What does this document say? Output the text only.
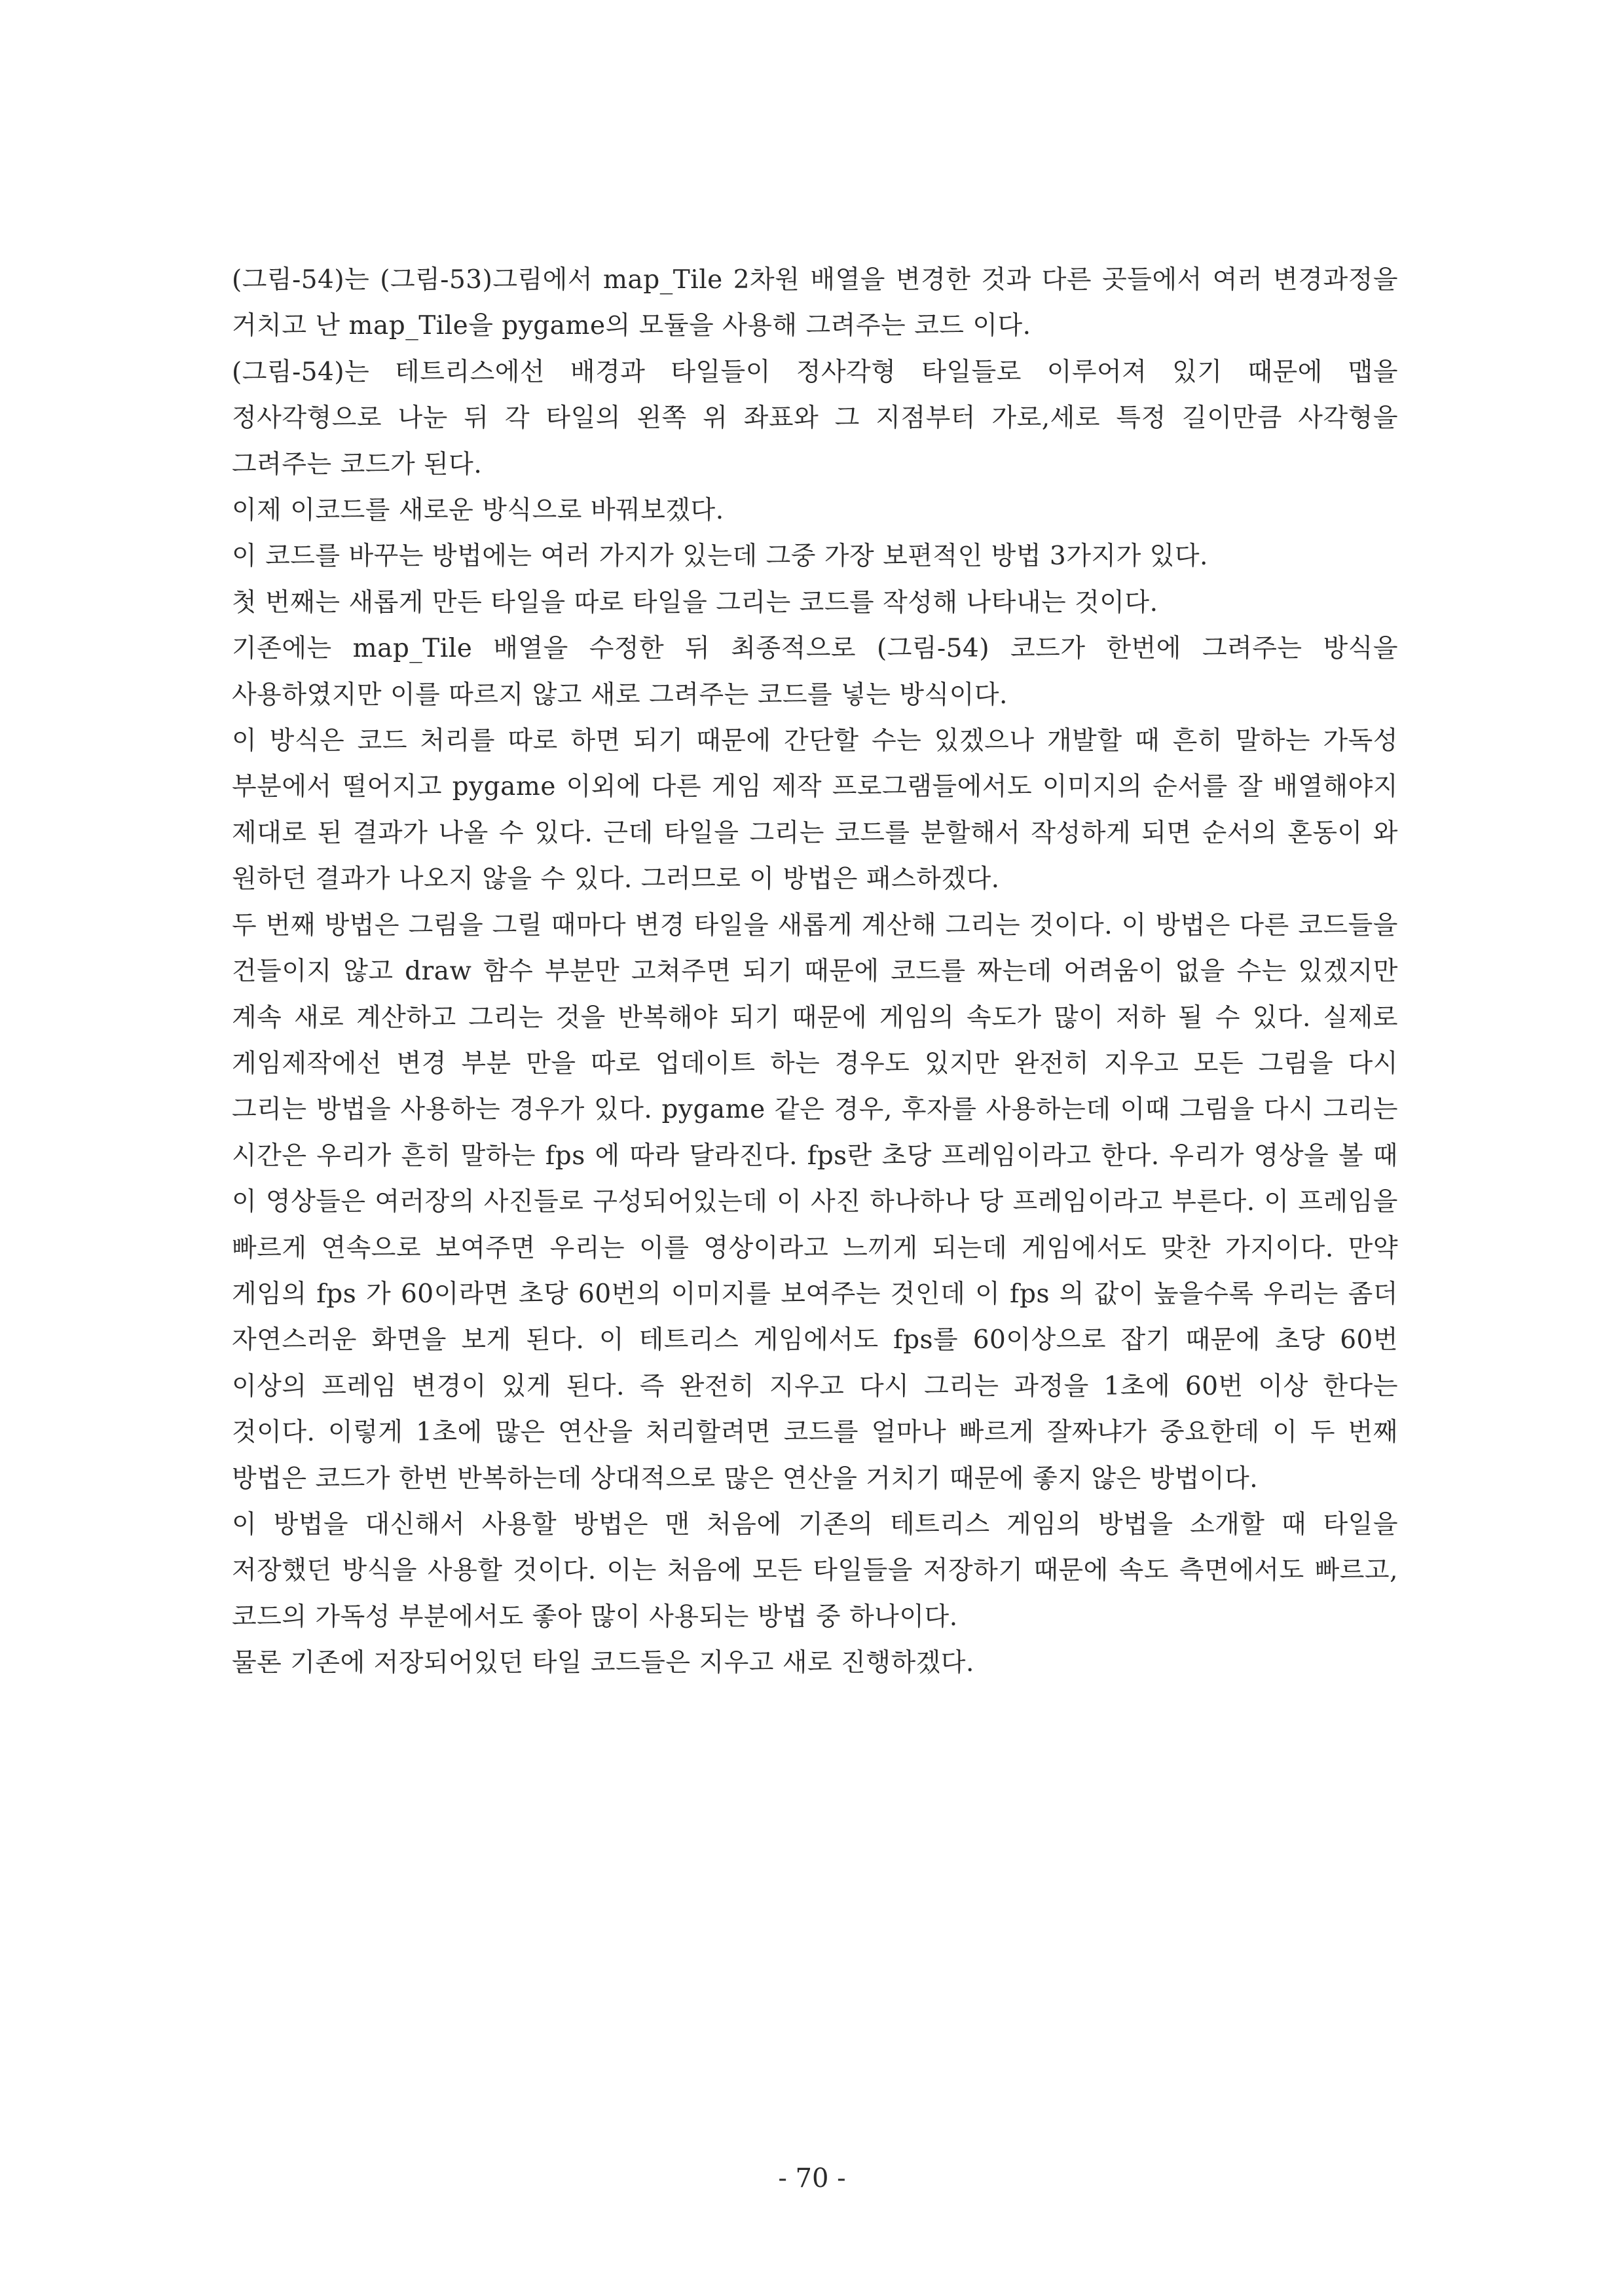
(그림-54)는 (그림-53)그림에서 map_Tile 2차원 배열을 변경한 것과 다른 곳들에서 여러 변경과정을 거치고 난 map_Tile을 pygame의 모듈을 사용해 그려주는 코드 이다.

(그림-54)는 테트리스에선 배경과 타일들이 정사각형 타일들로 이루어져 있기 때문에 맵을 정사각형으로 나눈 뒤 각 타일의 왼쪽 위 좌표와 그 지점부터 가로,세로 특정 길이만큼 사각형을 그려주는 코드가 된다.

이제 이코드를 새로운 방식으로 바꿔보겠다.

이 코드를 바꾸는 방법에는 여러 가지가 있는데 그중 가장 보편적인 방법 3가지가 있다.

첫 번째는 새롭게 만든 타일을 따로 타일을 그리는 코드를 작성해 나타내는 것이다.

기존에는 map_Tile 배열을 수정한 뒤 최종적으로 (그림-54) 코드가 한번에 그려주는 방식을 사용하였지만 이를 따르지 않고 새로 그려주는 코드를 넣는 방식이다.

이 방식은 코드 처리를 따로 하면 되기 때문에 간단할 수는 있겠으나 개발할 때 흔히 말하는 가독성 부분에서 떨어지고 pygame 이외에 다른 게임 제작 프로그램들에서도 이미지의 순서를 잘 배열해야지 제대로 된 결과가 나올 수 있다. 근데 타일을 그리는 코드를 분할해서 작성하게 되면 순서의 혼동이 와 원하던 결과가 나오지 않을 수 있다. 그러므로 이 방법은 패스하겠다.

두 번째 방법은 그림을 그릴 때마다 변경 타일을 새롭게 계산해 그리는 것이다. 이 방법은 다른 코드들을 건들이지 않고 draw 함수 부분만 고쳐주면 되기 때문에 코드를 짜는데 어려움이 없을 수는 있겠지만 계속 새로 계산하고 그리는 것을 반복해야 되기 때문에 게임의 속도가 많이 저하 될 수 있다. 실제로 게임제작에선 변경 부분 만을 따로 업데이트 하는 경우도 있지만 완전히 지우고 모든 그림을 다시 그리는 방법을 사용하는 경우가 있다. pygame 같은 경우, 후자를 사용하는데 이때 그림을 다시 그리는 시간은 우리가 흔히 말하는 fps 에 따라 달라진다. fps란 초당 프레임이라고 한다. 우리가 영상을 볼 때 이 영상들은 여러장의 사진들로 구성되어있는데 이 사진 하나하나 당 프레임이라고 부른다. 이 프레임을 빠르게 연속으로 보여주면 우리는 이를 영상이라고 느끼게 되는데 게임에서도 맞찬 가지이다. 만약 게임의 fps 가 60이라면 초당 60번의 이미지를 보여주는 것인데 이 fps 의 값이 높을수록 우리는 좀더 자연스러운 화면을 보게 된다. 이 테트리스 게임에서도 fps를 60이상으로 잡기 때문에 초당 60번 이상의 프레임 변경이 있게 된다. 즉 완전히 지우고 다시 그리는 과정을 1초에 60번 이상 한다는 것이다. 이렇게 1초에 많은 연산을 처리할려면 코드를 얼마나 빠르게 잘짜냐가 중요한데 이 두 번째 방법은 코드가 한번 반복하는데 상대적으로 많은 연산을 거치기 때문에 좋지 않은 방법이다.

이 방법을 대신해서 사용할 방법은 맨 처음에 기존의 테트리스 게임의 방법을 소개할 때 타일을 저장했던 방식을 사용할 것이다. 이는 처음에 모든 타일들을 저장하기 때문에 속도 측면에서도 빠르고, 코드의 가독성 부분에서도 좋아 많이 사용되는 방법 중 하나이다.

물론 기존에 저장되어있던 타일 코드들은 지우고 새로 진행하겠다.

- 70 -
